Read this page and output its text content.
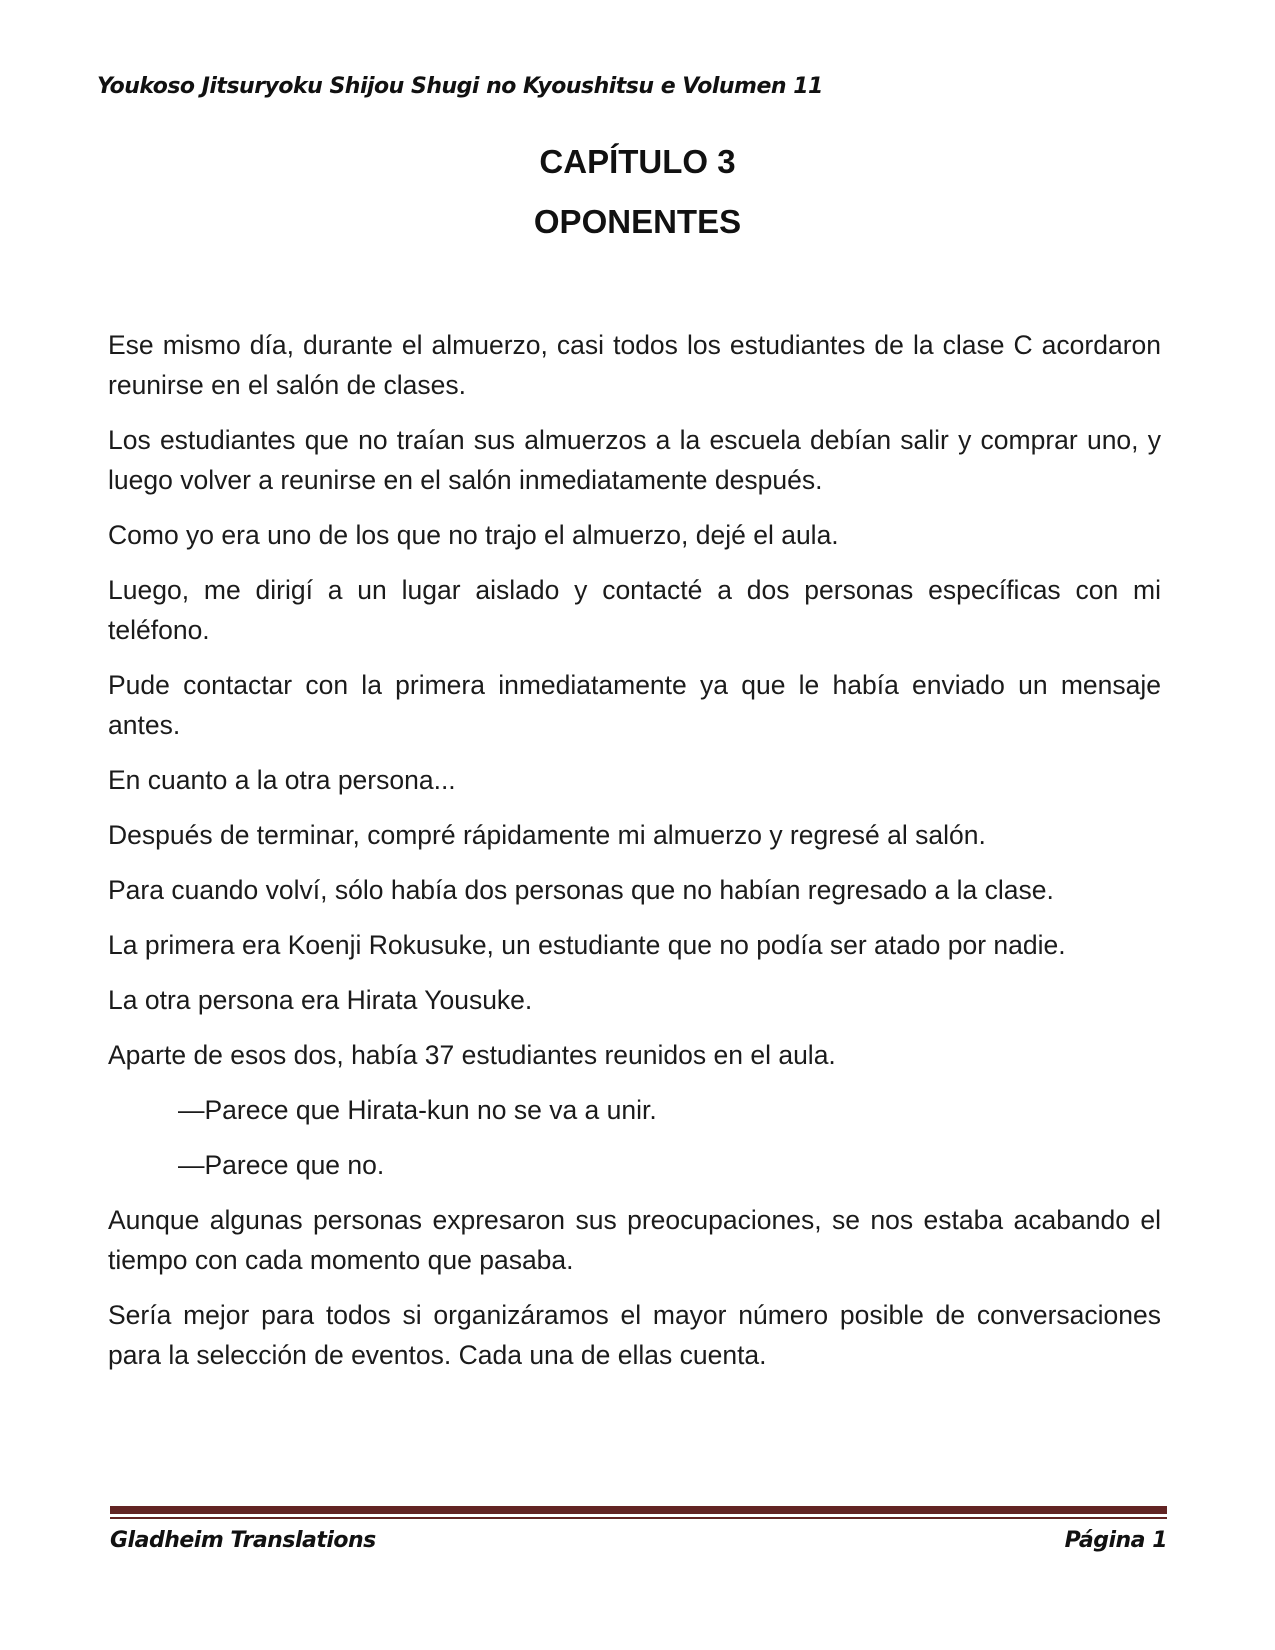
Youkoso Jitsuryoku Shijou Shugi no Kyoushitsu e Volumen 11
CAPÍTULO 3
OPONENTES

Ese mismo día, durante el almuerzo, casi todos los estudiantes de la clase C acordaron reunirse en el salón de clases.

Los estudiantes que no traían sus almuerzos a la escuela debían salir y comprar uno, y luego volver a reunirse en el salón inmediatamente después.

Como yo era uno de los que no trajo el almuerzo, dejé el aula.

Luego, me dirigí a un lugar aislado y contacté a dos personas específicas con mi teléfono.

Pude contactar con la primera inmediatamente ya que le había enviado un mensaje antes.

En cuanto a la otra persona...

Después de terminar, compré rápidamente mi almuerzo y regresé al salón.

Para cuando volví, sólo había dos personas que no habían regresado a la clase.

La primera era Koenji Rokusuke, un estudiante que no podía ser atado por nadie.

La otra persona era Hirata Yousuke.

Aparte de esos dos, había 37 estudiantes reunidos en el aula.

—Parece que Hirata-kun no se va a unir.

—Parece que no.

Aunque algunas personas expresaron sus preocupaciones, se nos estaba acabando el tiempo con cada momento que pasaba.

Sería mejor para todos si organizáramos el mayor número posible de conversaciones para la selección de eventos. Cada una de ellas cuenta.

Gladheim Translations	Página 1
